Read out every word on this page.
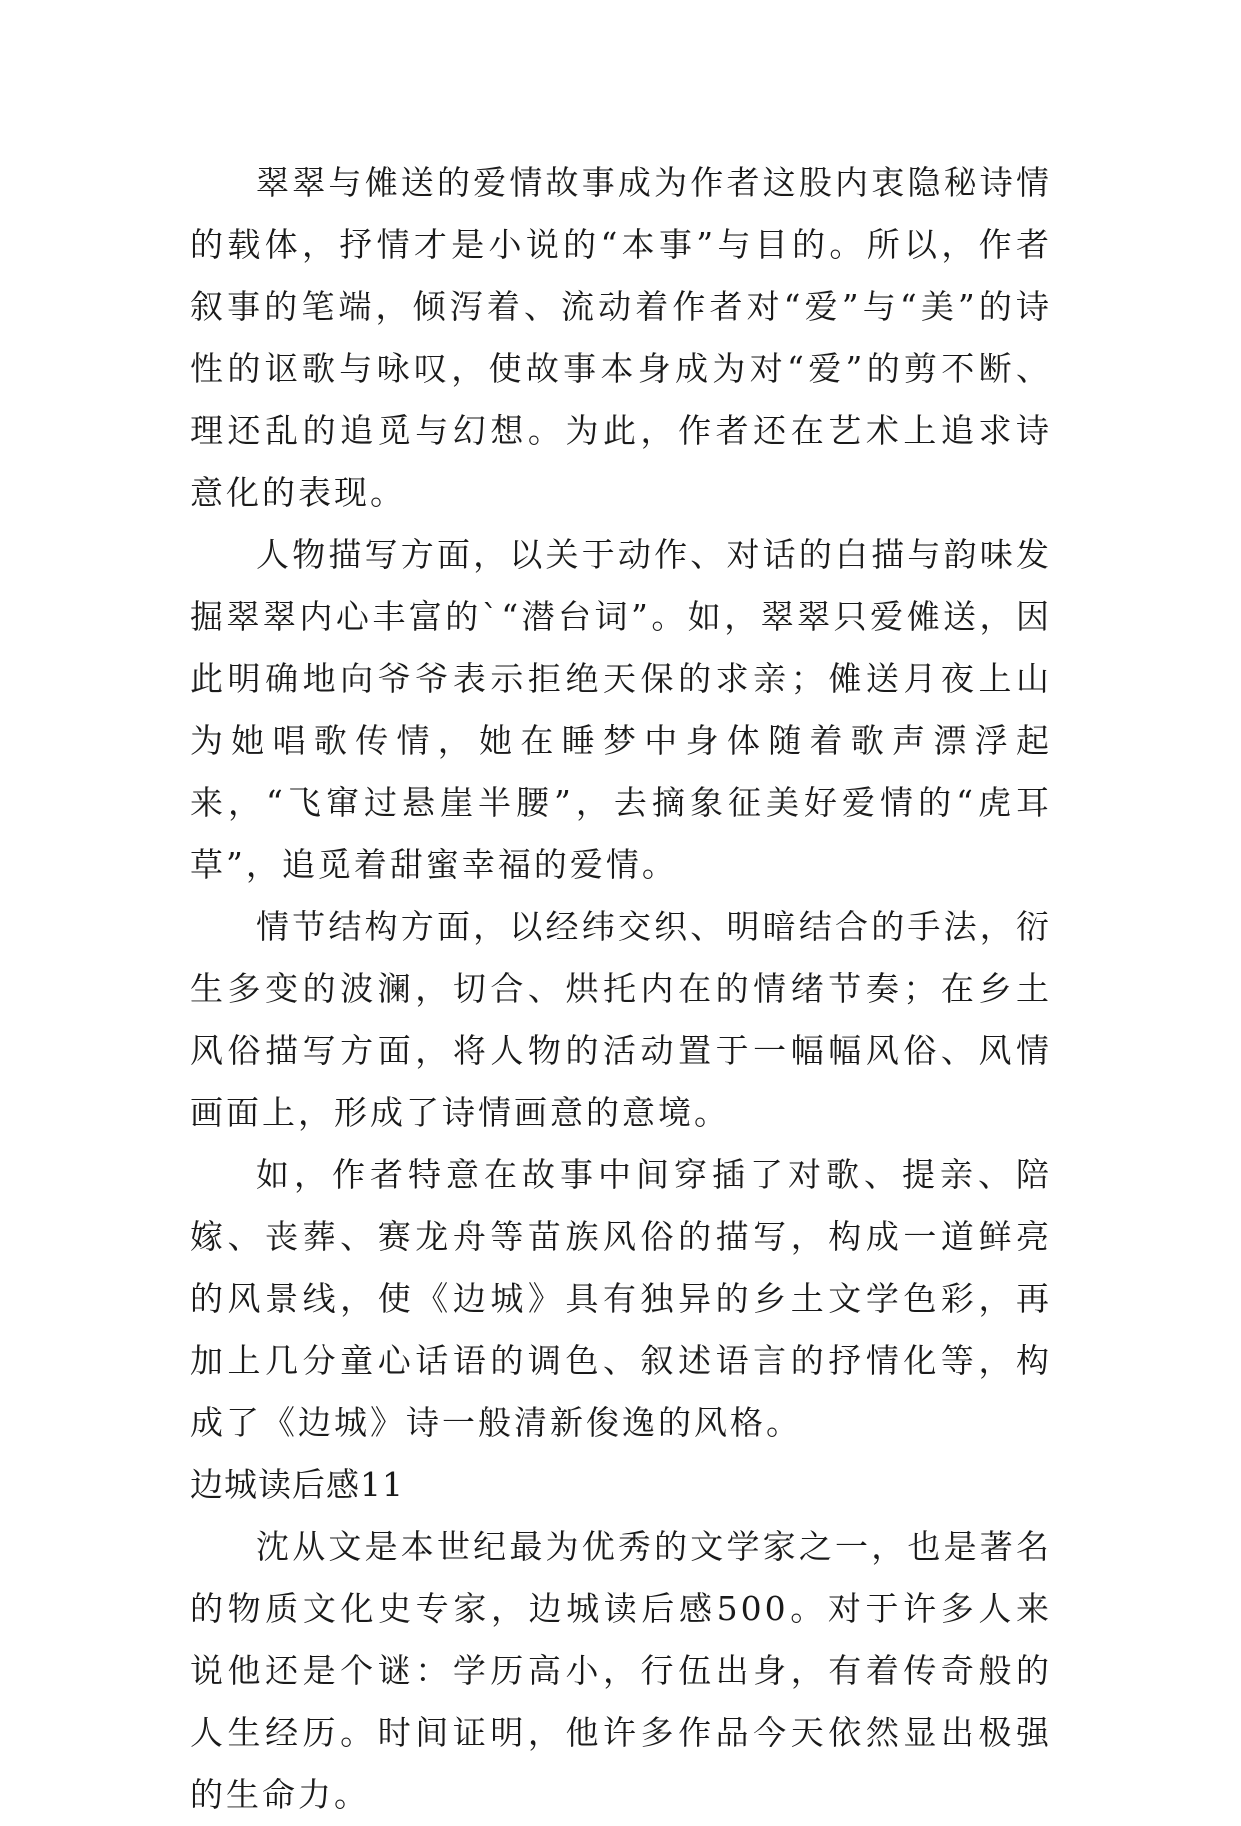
翠翠与傩送的爱情故事成为作者这股内衷隐秘诗情的载体，抒情才是小说的“本事”与目的。所以，作者叙事的笔端，倾泻着、流动着作者对“爱”与“美”的诗性的讴歌与咏叹，使故事本身成为对“爱”的剪不断、理还乱的追觅与幻想。为此，作者还在艺术上追求诗意化的表现。

人物描写方面，以关于动作、对话的白描与韵味发掘翠翠内心丰富的`“潜台词”。如，翠翠只爱傩送，因此明确地向爷爷表示拒绝天保的求亲；傩送月夜上山为她唱歌传情，她在睡梦中身体随着歌声漂浮起来，“飞窜过悬崖半腰”，去摘象征美好爱情的“虎耳草”，追觅着甜蜜幸福的爱情。

情节结构方面，以经纬交织、明暗结合的手法，衍生多变的波澜，切合、烘托内在的情绪节奏；在乡土风俗描写方面，将人物的活动置于一幅幅风俗、风情画面上，形成了诗情画意的意境。

如，作者特意在故事中间穿插了对歌、提亲、陪嫁、丧葬、赛龙舟等苗族风俗的描写，构成一道鲜亮的风景线，使《边城》具有独异的乡土文学色彩，再加上几分童心话语的调色、叙述语言的抒情化等，构成了《边城》诗一般清新俊逸的风格。

边城读后感11

沈从文是本世纪最为优秀的文学家之一，也是著名的物质文化史专家，边城读后感500。对于许多人来说他还是个谜：学历高小，行伍出身，有着传奇般的人生经历。时间证明，他许多作品今天依然显出极强的生命力。
